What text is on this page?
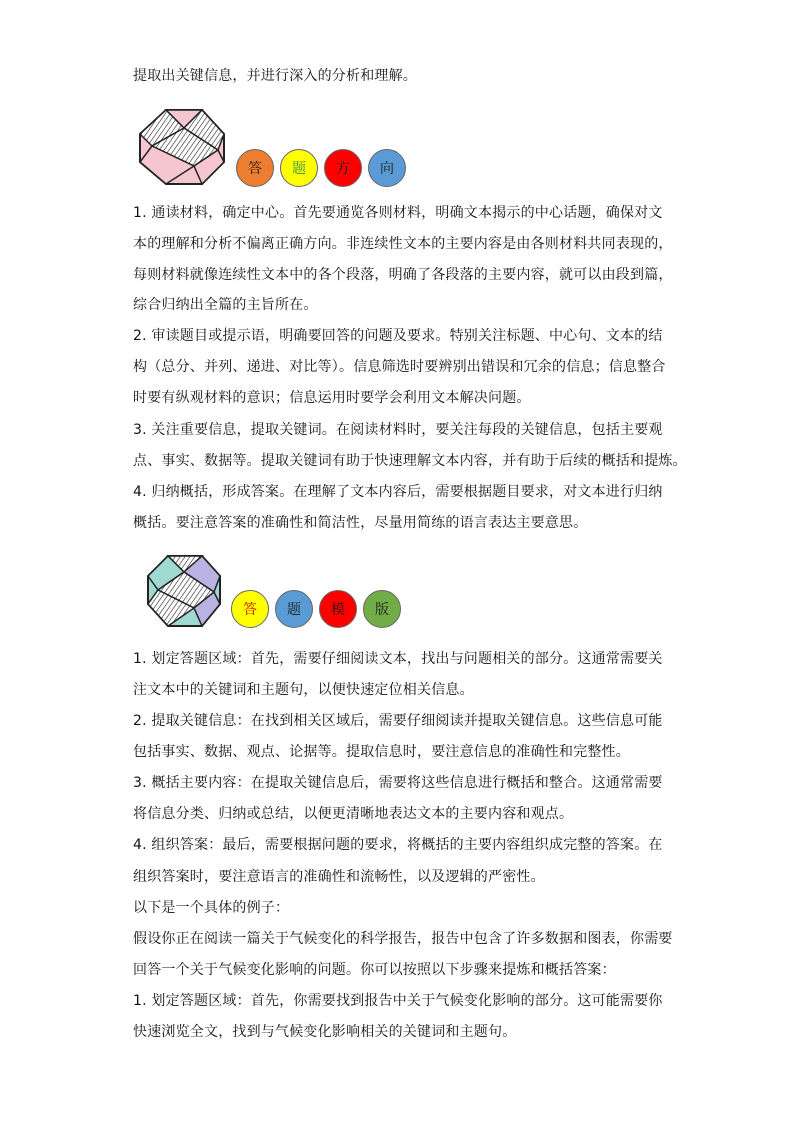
提取出关键信息，并进行深入的分析和理解。
答	题	方	向
1. 通读材料，确定中心。首先要通览各则材料，明确文本揭示的中心话题，确保对文
本的理解和分析不偏离正确方向。非连续性文本的主要内容是由各则材料共同表现的，
每则材料就像连续性文本中的各个段落，明确了各段落的主要内容，就可以由段到篇，
综合归纳出全篇的主旨所在。
2. 审读题目或提示语，明确要回答的问题及要求。特别关注标题、中心句、文本的结
构（总分、并列、递进、对比等）。信息筛选时要辨别出错误和冗余的信息；信息整合
时要有纵观材料的意识；信息运用时要学会利用文本解决问题。
3. 关注重要信息，提取关键词。在阅读材料时，要关注每段的关键信息，包括主要观
点、事实、数据等。提取关键词有助于快速理解文本内容，并有助于后续的概括和提炼。
4. 归纳概括，形成答案。在理解了文本内容后，需要根据题目要求，对文本进行归纳
概括。要注意答案的准确性和简洁性，尽量用简练的语言表达主要意思。
答	题	模	版
1. 划定答题区域：首先，需要仔细阅读文本，找出与问题相关的部分。这通常需要关
注文本中的关键词和主题句，以便快速定位相关信息。
2. 提取关键信息：在找到相关区域后，需要仔细阅读并提取关键信息。这些信息可能
包括事实、数据、观点、论据等。提取信息时，要注意信息的准确性和完整性。
3. 概括主要内容：在提取关键信息后，需要将这些信息进行概括和整合。这通常需要
将信息分类、归纳或总结，以便更清晰地表达文本的主要内容和观点。
4. 组织答案：最后，需要根据问题的要求，将概括的主要内容组织成完整的答案。在
组织答案时，要注意语言的准确性和流畅性，以及逻辑的严密性。
以下是一个具体的例子：
假设你正在阅读一篇关于气候变化的科学报告，报告中包含了许多数据和图表，你需要
回答一个关于气候变化影响的问题。你可以按照以下步骤来提炼和概括答案：
1. 划定答题区域：首先，你需要找到报告中关于气候变化影响的部分。这可能需要你
快速浏览全文，找到与气候变化影响相关的关键词和主题句。
